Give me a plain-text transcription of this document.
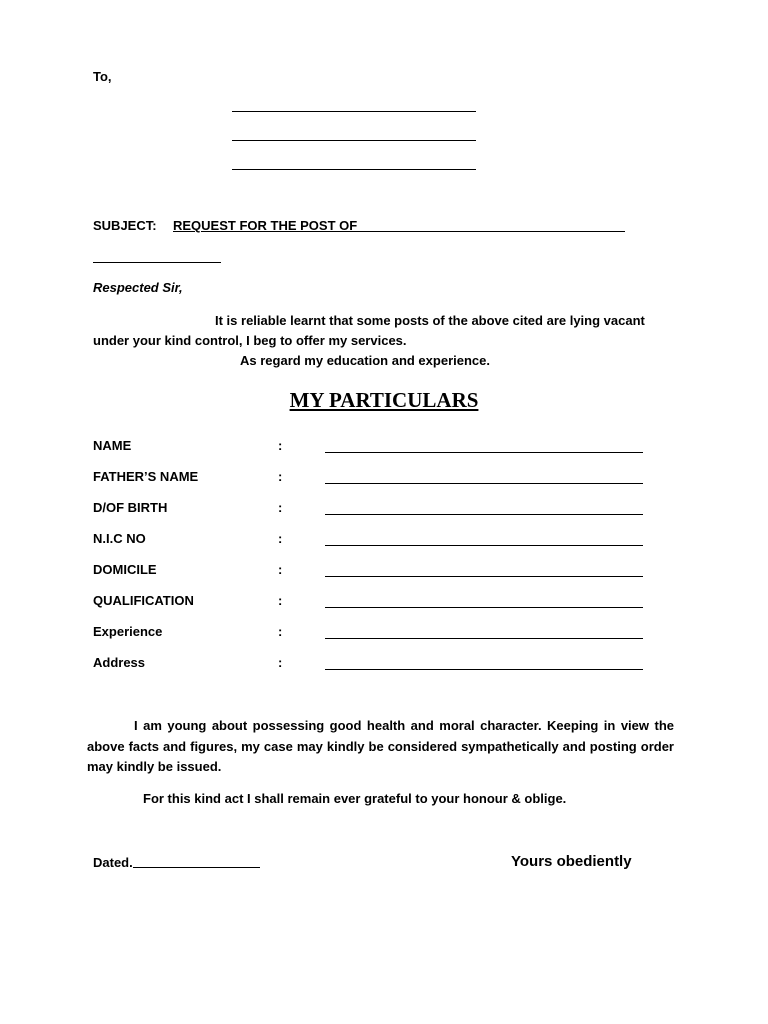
To,
SUBJECT:	REQUEST FOR THE POST OF
Respected Sir,
It is reliable learnt that some posts of the above cited are lying vacant
under your kind control, I beg to offer my services.
As regard my education and experience.
MY PARTICULARS
NAME	:
FATHER’S NAME	:
D/OF BIRTH	:
N.I.C NO	:
DOMICILE	:
QUALIFICATION	:
Experience	:
Address	:

I am young about possessing good health and moral character. Keeping in view the above facts and figures, my case may kindly be considered sympathetically and posting order may kindly be issued.

For this kind act I shall remain ever grateful to your honour & oblige.
Dated.	Yours obediently
